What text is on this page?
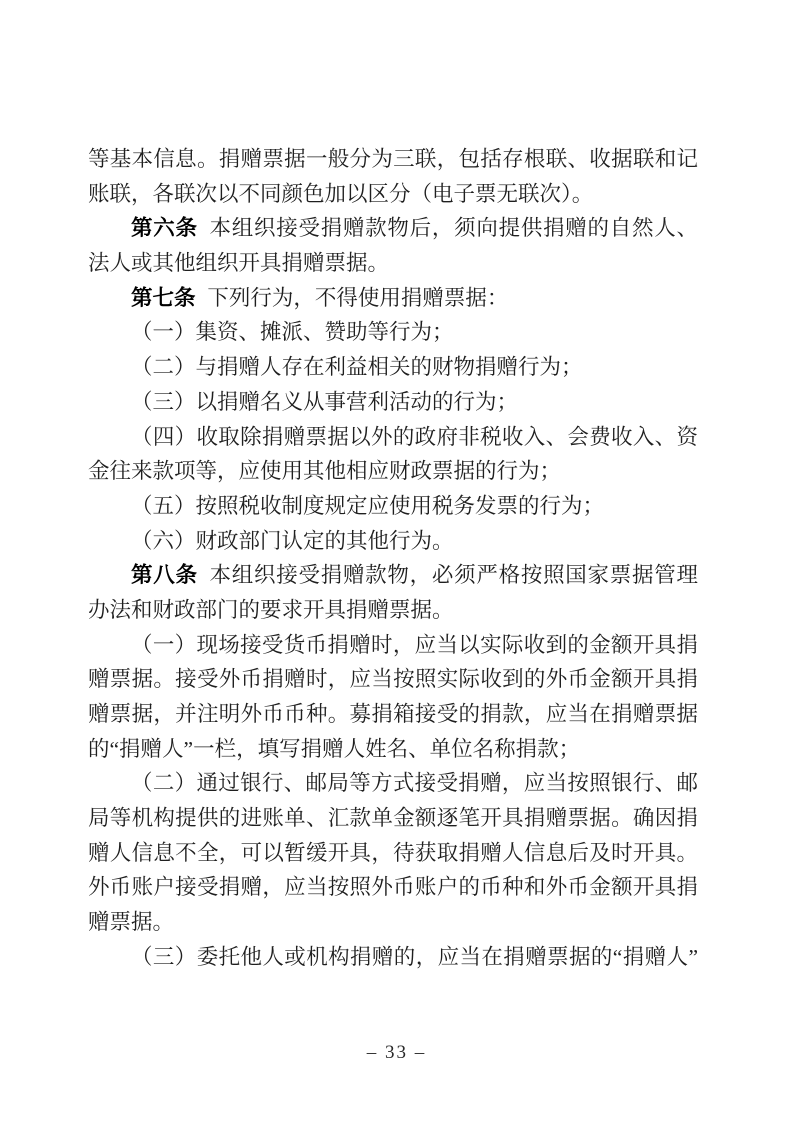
等基本信息。捐赠票据一般分为三联，包括存根联、收据联和记
账联，各联次以不同颜色加以区分（电子票无联次）。
第六条 本组织接受捐赠款物后，须向提供捐赠的自然人、
法人或其他组织开具捐赠票据。
第七条 下列行为，不得使用捐赠票据：
（一）集资、摊派、赞助等行为；
（二）与捐赠人存在利益相关的财物捐赠行为；
（三）以捐赠名义从事营利活动的行为；
（四）收取除捐赠票据以外的政府非税收入、会费收入、资
金往来款项等，应使用其他相应财政票据的行为；
（五）按照税收制度规定应使用税务发票的行为；
（六）财政部门认定的其他行为。
第八条 本组织接受捐赠款物，必须严格按照国家票据管理
办法和财政部门的要求开具捐赠票据。
（一）现场接受货币捐赠时，应当以实际收到的金额开具捐
赠票据。接受外币捐赠时，应当按照实际收到的外币金额开具捐
赠票据，并注明外币币种。募捐箱接受的捐款，应当在捐赠票据
的“捐赠人”一栏，填写捐赠人姓名、单位名称捐款；
（二）通过银行、邮局等方式接受捐赠，应当按照银行、邮
局等机构提供的进账单、汇款单金额逐笔开具捐赠票据。确因捐
赠人信息不全，可以暂缓开具，待获取捐赠人信息后及时开具。
外币账户接受捐赠，应当按照外币账户的币种和外币金额开具捐
赠票据。
（三）委托他人或机构捐赠的，应当在捐赠票据的“捐赠人”
– 33 –
